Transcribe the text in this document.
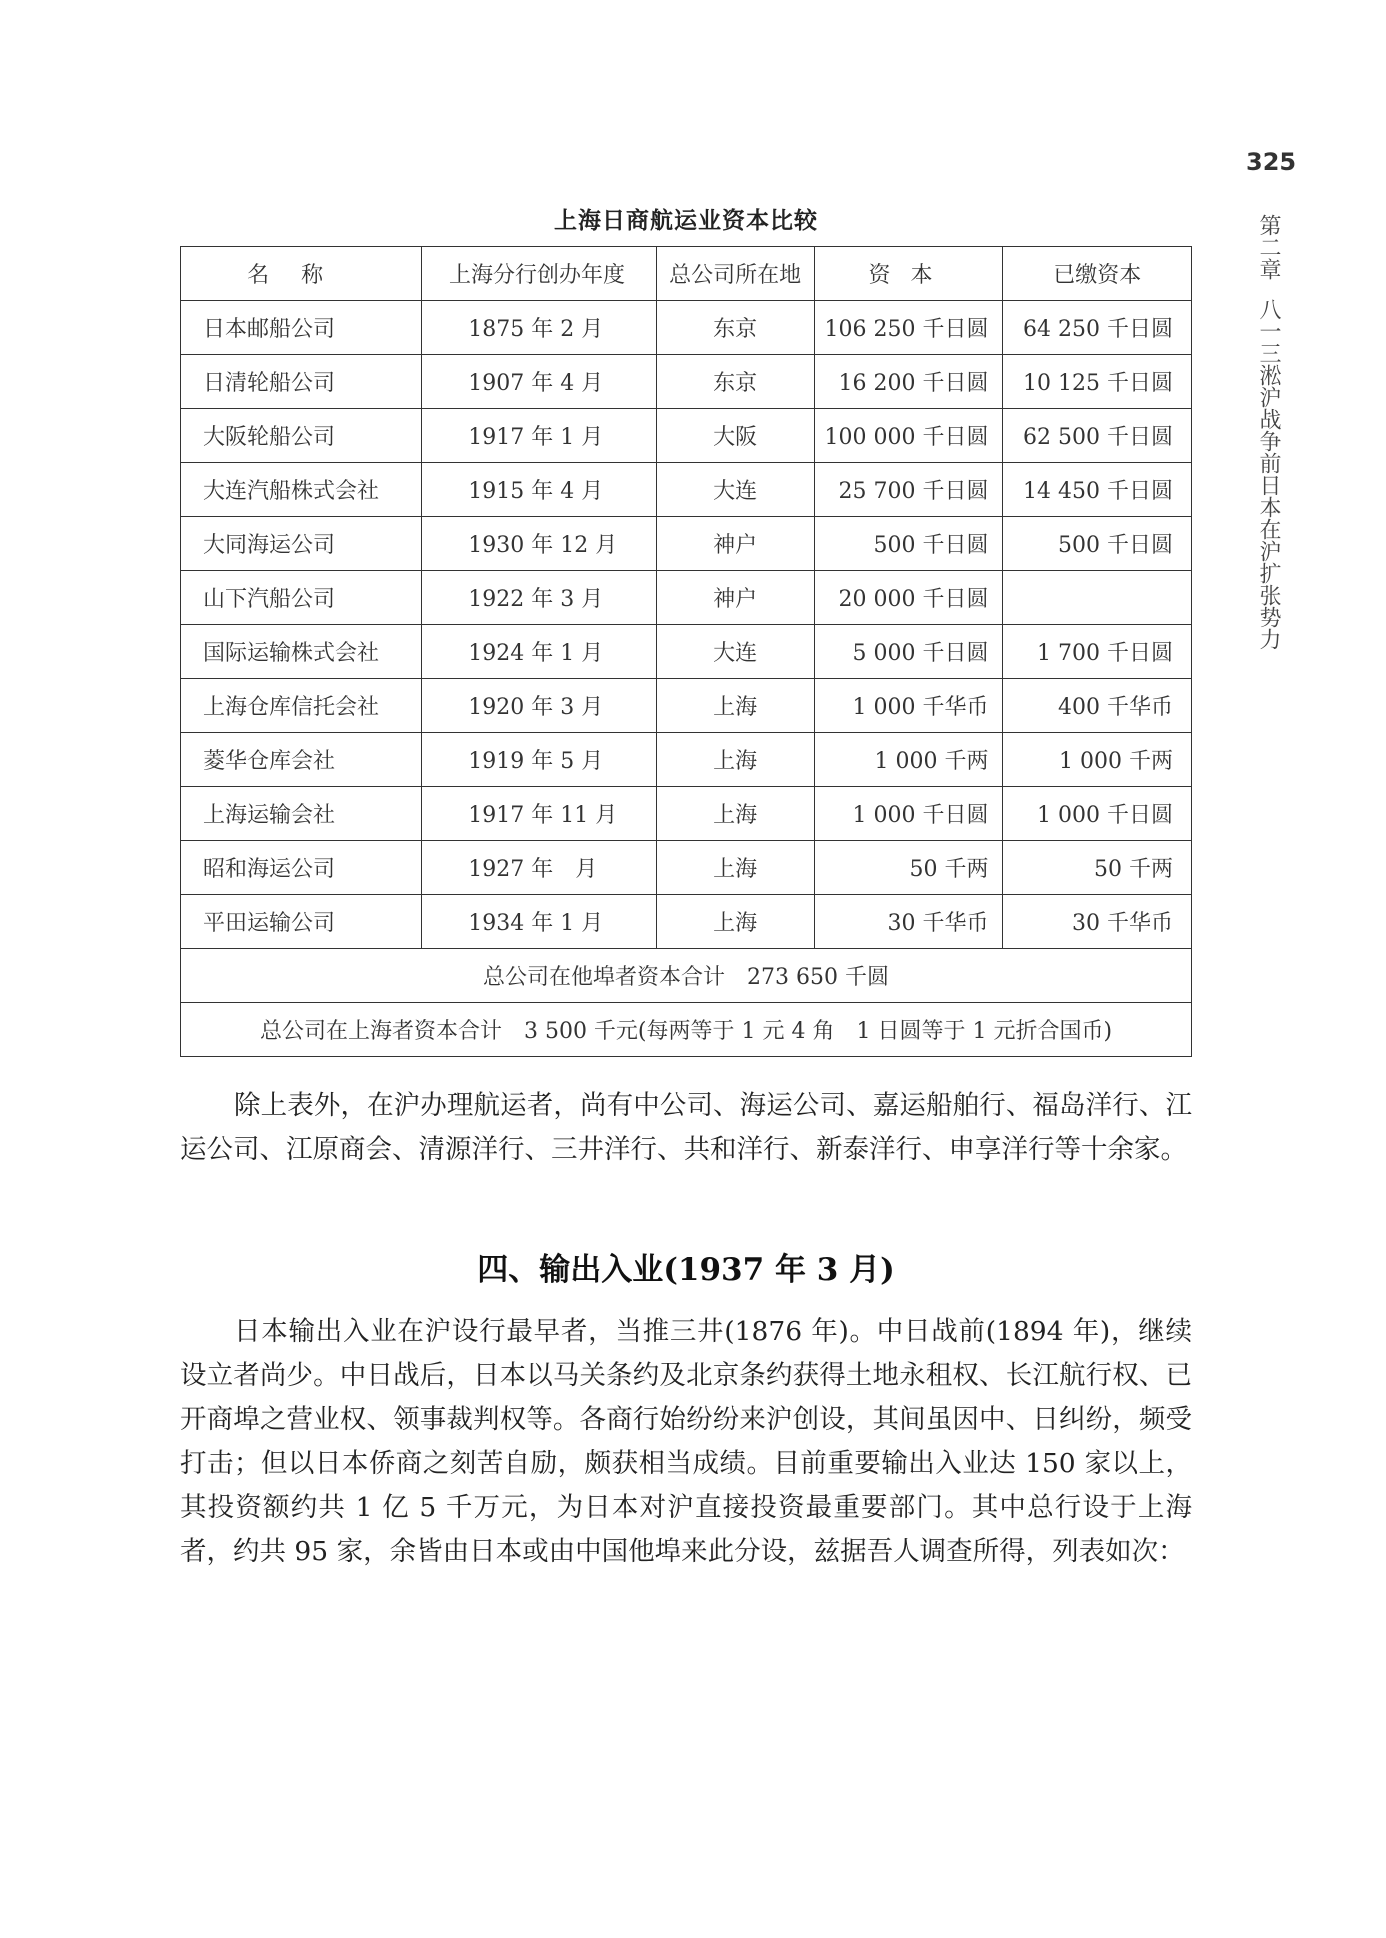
325
第二章八一三淞沪战争前日本在沪扩张势力
上海日商航运业资本比较
名称	上海分行创办年度	总公司所在地	资本	已缴资本
日本邮船公司	1875 年 2 月	东京	106 250 千日圆	64 250 千日圆
日清轮船公司	1907 年 4 月	东京	16 200 千日圆	10 125 千日圆
大阪轮船公司	1917 年 1 月	大阪	100 000 千日圆	62 500 千日圆
大连汽船株式会社	1915 年 4 月	大连	25 700 千日圆	14 450 千日圆
大同海运公司	1930 年 12 月	神户	500 千日圆	500 千日圆
山下汽船公司	1922 年 3 月	神户	20 000 千日圆	
国际运输株式会社	1924 年 1 月	大连	5 000 千日圆	1 700 千日圆
上海仓库信托会社	1920 年 3 月	上海	1 000 千华币	400 千华币
菱华仓库会社	1919 年 5 月	上海	1 000 千两	1 000 千两
上海运输会社	1917 年 11 月	上海	1 000 千日圆	1 000 千日圆
昭和海运公司	1927 年　月	上海	50 千两	50 千两
平田运输公司	1934 年 1 月	上海	30 千华币	30 千华币
总公司在他埠者资本合计　273 650 千圆				
总公司在上海者资本合计　3 500 千元(每两等于 1 元 4 角　1 日圆等于 1 元折合国币)				

除上表外，在沪办理航运者，尚有中公司、海运公司、嘉运船舶行、福岛洋行、江运公司、江原商会、清源洋行、三井洋行、共和洋行、新泰洋行、申享洋行等十余家。

四、输出入业(1937 年 3 月)

日本输出入业在沪设行最早者，当推三井(1876 年)。中日战前(1894 年)，继续设立者尚少。中日战后，日本以马关条约及北京条约获得土地永租权、长江航行权、已开商埠之营业权、领事裁判权等。各商行始纷纷来沪创设，其间虽因中、日纠纷，频受打击；但以日本侨商之刻苦自励，颇获相当成绩。目前重要输出入业达 150 家以上，其投资额约共 1 亿 5 千万元，为日本对沪直接投资最重要部门。其中总行设于上海者，约共 95 家，余皆由日本或由中国他埠来此分设，兹据吾人调查所得，列表如次：
